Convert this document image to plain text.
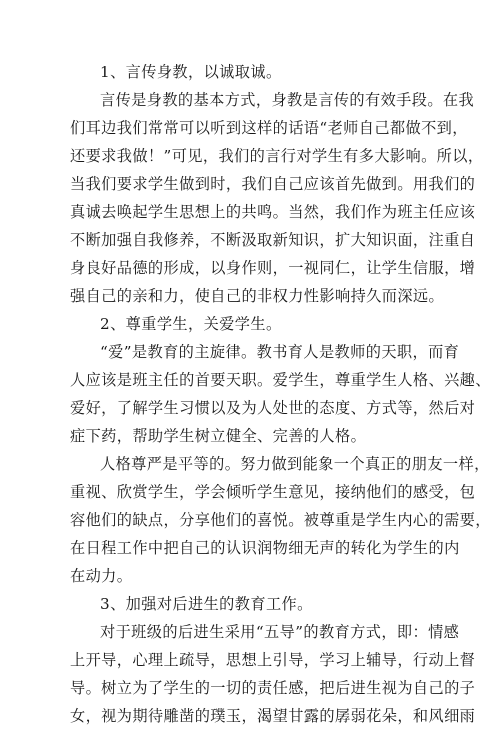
1、言传身教，以诚取诚。
言传是身教的基本方式，身教是言传的有效手段。在我
们耳边我们常常可以听到这样的话语“老师自己都做不到，
还要求我做！”可见，我们的言行对学生有多大影响。所以，
当我们要求学生做到时，我们自己应该首先做到。用我们的
真诚去唤起学生思想上的共鸣。当然，我们作为班主任应该
不断加强自我修养，不断汲取新知识，扩大知识面，注重自
身良好品德的形成，以身作则，一视同仁，让学生信服，增
强自己的亲和力，使自己的非权力性影响持久而深远。
2、尊重学生，关爱学生。
“爱”是教育的主旋律。教书育人是教师的天职，而育
人应该是班主任的首要天职。爱学生，尊重学生人格、兴趣、
爱好，了解学生习惯以及为人处世的态度、方式等，然后对
症下药，帮助学生树立健全、完善的人格。
人格尊严是平等的。努力做到能象一个真正的朋友一样，
重视、欣赏学生，学会倾听学生意见，接纳他们的感受，包
容他们的缺点，分享他们的喜悦。被尊重是学生内心的需要，
在日程工作中把自己的认识润物细无声的转化为学生的内
在动力。
3、加强对后进生的教育工作。
对于班级的后进生采用“五导”的教育方式，即：情感
上开导，心理上疏导，思想上引导，学习上辅导，行动上督
导。树立为了学生的一切的责任感，把后进生视为自己的子
女，视为期待雕凿的璞玉，渴望甘露的孱弱花朵，和风细雨
